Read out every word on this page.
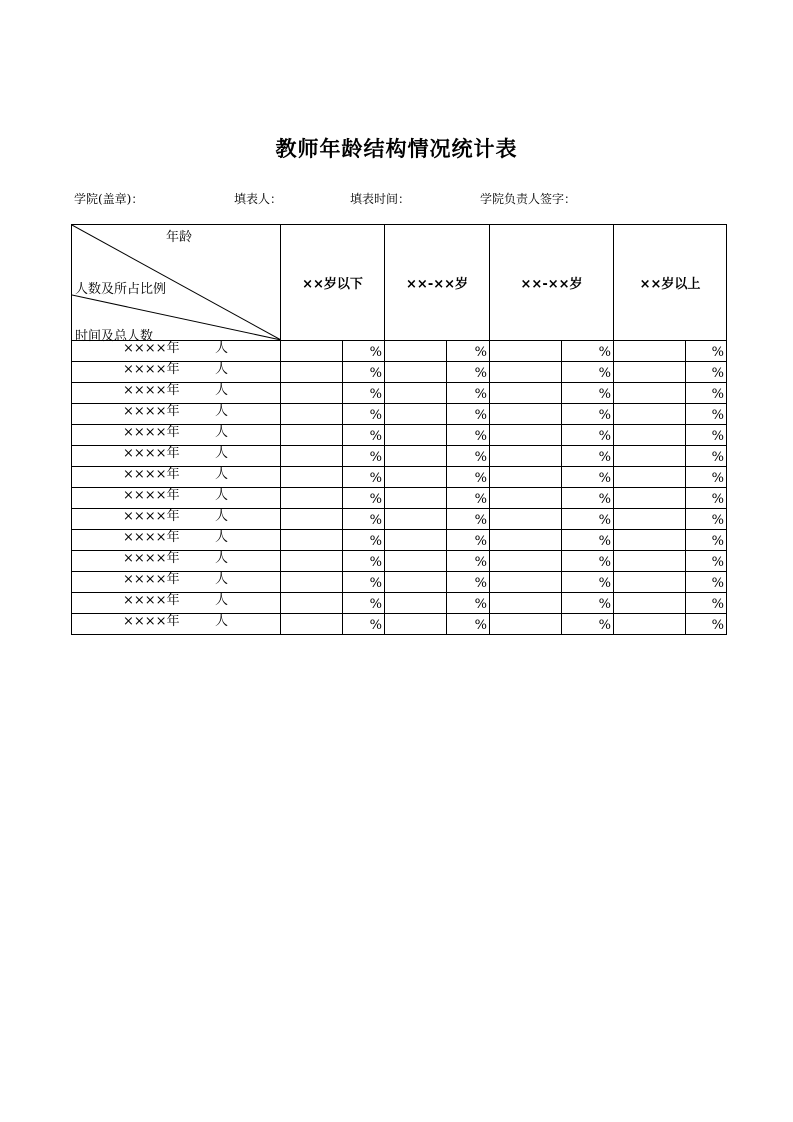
教师年龄结构情况统计表
学院(盖章)：	填表人：	填表时间：	学院负责人签字：
年龄
人数及所占比例
时间及总人数	××岁以下		××-××岁		××-××岁		××岁以上	

××××年 人		%		%		%		%

××××年 人		%		%		%		%

××××年 人		%		%		%		%

××××年 人		%		%		%		%

××××年 人		%		%		%		%

××××年 人		%		%		%		%

××××年 人		%		%		%		%

××××年 人		%		%		%		%

××××年 人		%		%		%		%

××××年 人		%		%		%		%

××××年 人		%		%		%		%

××××年 人		%		%		%		%

××××年 人		%		%		%		%

××××年 人		%		%		%		%
